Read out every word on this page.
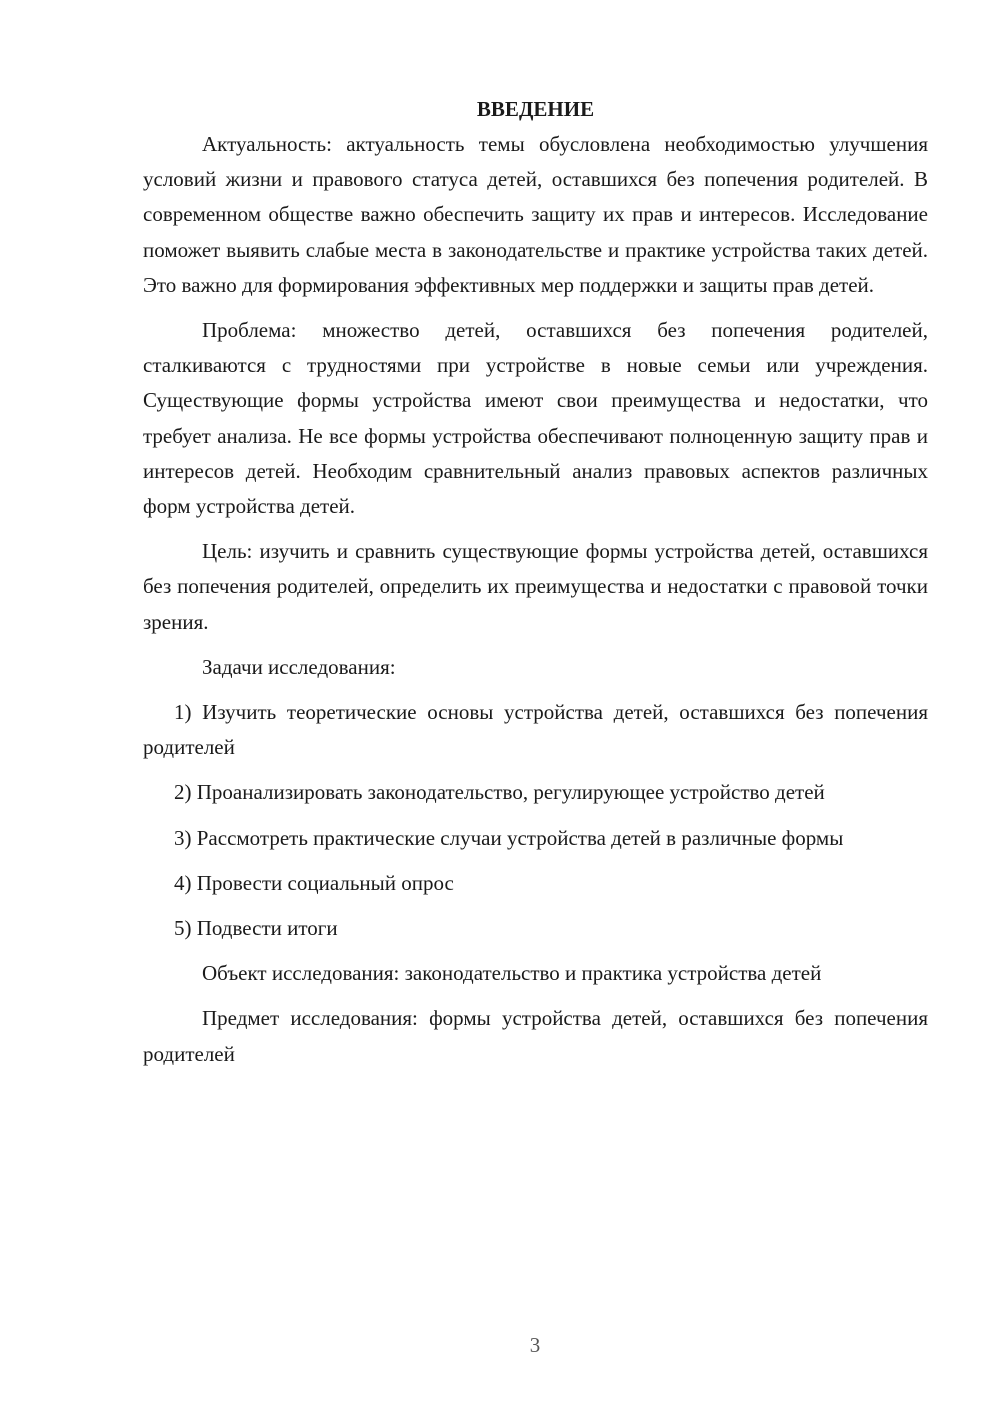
ВВЕДЕНИЕ

Актуальность: актуальность темы обусловлена необходимостью улучшения условий жизни и правового статуса детей, оставшихся без попечения родителей. В современном обществе важно обеспечить защиту их прав и интересов. Исследование поможет выявить слабые места в законодательстве и практике устройства таких детей. Это важно для формирования эффективных мер поддержки и защиты прав детей.

Проблема: множество детей, оставшихся без попечения родителей, сталкиваются с трудностями при устройстве в новые семьи или учреждения. Существующие формы устройства имеют свои преимущества и недостатки, что требует анализа. Не все формы устройства обеспечивают полноценную защиту прав и интересов детей. Необходим сравнительный анализ правовых аспектов различных форм устройства детей.

Цель: изучить и сравнить существующие формы устройства детей, оставшихся без попечения родителей, определить их преимущества и недостатки с правовой точки зрения.

Задачи исследования:

1) Изучить теоретические основы устройства детей, оставшихся без попечения родителей

2) Проанализировать законодательство, регулирующее устройство детей

3) Рассмотреть практические случаи устройства детей в различные формы

4) Провести социальный опрос

5) Подвести итоги

Объект исследования: законодательство и практика устройства детей

Предмет исследования: формы устройства детей, оставшихся без попечения родителей

3
